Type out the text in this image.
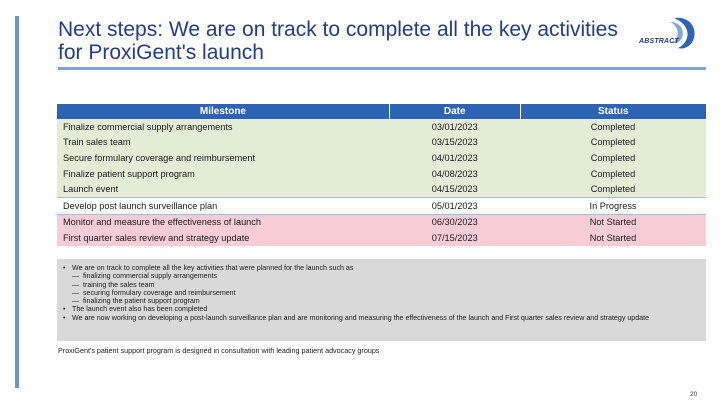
Next steps: We are on track to complete all the key activities for ProxiGent's launch	ABSTRACT
Milestone	Date	Status
Finalize commercial supply arrangements	03/01/2023	Completed
Train sales team	03/15/2023	Completed
Secure formulary coverage and reimbursement	04/01/2023	Completed
Finalize patient support program	04/08/2023	Completed
Launch event	04/15/2023	Completed
Develop post launch surveillance plan	05/01/2023	In Progress
Monitor and measure the effectiveness of launch	06/30/2023	Not Started
First quarter sales review and strategy update	07/15/2023	Not Started
• We are on track to complete all the key activities that were planned for the launch such as
— finalizing commercial supply arrangements
— training the sales team
— securing formulary coverage and reimbursement
— finalizing the patient support program
• The launch event also has been completed
• We are now working on developing a post-launch surveillance plan and are monitoring and measuring the effectiveness of the launch and First quarter sales review and strategy update
ProxiGent's patient support program is designed in consultation with leading patient advocacy groups
20
